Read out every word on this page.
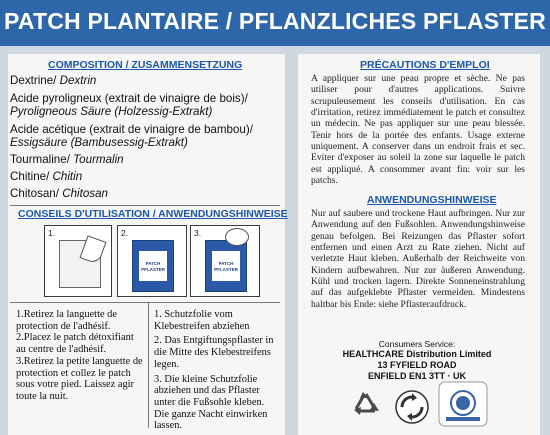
PATCH PLANTAIRE / PFLANZLICHES PFLASTER
COMPOSITION / ZUSAMMENSETZUNG
Dextrine/ Dextrin
Acide pyroligneux (extrait de vinaigre de bois)/
Pyroligneous Säure (Holzessig-Extrakt)
Acide acétique (extrait de vinaigre de bambou)/
Essigsäure (Bambusessig-Extrakt)
Tourmaline/ Tourmalin
Chitine/ Chitin
Chitosan/ Chitosan
CONSEILS D'UTILISATION / ANWENDUNGSHINWEISE
1.	2.
PATCH
PFLASTER
3.
PATCH
PFLASTER

1.Retirez la languette de protection de l'adhésif.

2.Placez le patch détoxifiant au centre de l'adhésif.

3.Retirez la petite languette de protection et collez le patch sous votre pied. Laissez agir toute la nuit.

1. Schutzfolie vom Klebestreifen abziehen

2. Das Entgiftungspflaster in die Mitte des Klebestreifens legen.

3. Die kleine Schutzfolie abziehen und das Pflaster unter die Fußsohle kleben. Die ganze Nacht einwirken lassen.

PRÉCAUTIONS D'EMPLOI
A appliquer sur une peau propre et sèche. Ne pas utiliser pour d'autres applications. Suivre scrupuleusement les conseils d'utilisation. En cas d'irritation, retirez immédiatement le patch et consultez un médecin. Ne pas appliquer sur une peau blessée. Tenir hors de la portée des enfants. Usage externe uniquement. A conserver dans un endroit frais et sec. Eviter d'exposer au soleil la zone sur laquelle le patch est appliqué. A consommer avant fin: voir sur les patchs.
ANWENDUNGSHINWEISE
Nur auf saubere und trockene Haut aufbringen. Nur zur Anwendung auf den Fußsohlen. Anwendungshinweise genau befolgen. Bei Reizungen das Pflaster sofort entfernen und einen Arzt zu Rate ziehen. Nicht auf verletzte Haut kleben. Außerhalb der Reichweite von Kindern aufbewahren. Nur zur äußeren Anwendung. Kühl und trocken lagern. Direkte Sonneneinstrahlung auf das aufgeklebte Pflaster vermeiden. Mindestens haltbar bis Ende: siehe Pflasteraufdruck.
Consumers Service:
HEALTHCARE Distribution Limited
13 FYFIELD ROAD
ENFIELD EN1 3TT · UK
